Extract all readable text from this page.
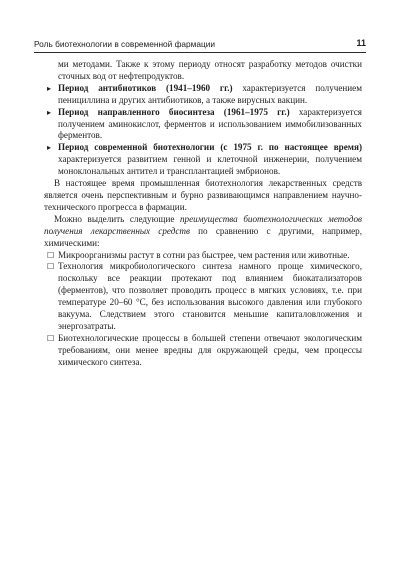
Роль биотехнологии в современной фармации	11

ми методами. Также к этому периоду относят разработку методов очистки сточных вод от нефтепродуктов.

▸ Период антибиотиков (1941–1960 гг.) характеризуется получением пенициллина и других антибиотиков, а также вирусных вакцин.

▸ Период направленного биосинтеза (1961–1975 гг.) характеризуется получением аминокислот, ферментов и использованием иммобилизованных ферментов.

▸ Период современной биотехнологии (с 1975 г. по настоящее время) характеризуется развитием генной и клеточной инженерии, получением моноклональных антител и трансплантацией эмбрионов.

В настоящее время промышленная биотехнология лекарственных средств является очень перспективным и бурно развивающимся направлением научно-технического прогресса в фармации.

Можно выделить следующие преимущества биотехнологических методов получения лекарственных средств по сравнению с другими, например, химическими:

☐ Микроорганизмы растут в сотни раз быстрее, чем растения или животные.

☐ Технология микробиологического синтеза намного проще химического, поскольку все реакции протекают под влиянием биокатализаторов (ферментов), что позволяет проводить процесс в мягких условиях, т.е. при температуре 20–60 °С, без использования высокого давления или глубокого вакуума. Следствием этого становится меньшие капиталовложения и энергозатраты.

☐ Биотехнологические процессы в большей степени отвечают экологическим требованиям, они менее вредны для окружающей среды, чем процессы химического синтеза.
